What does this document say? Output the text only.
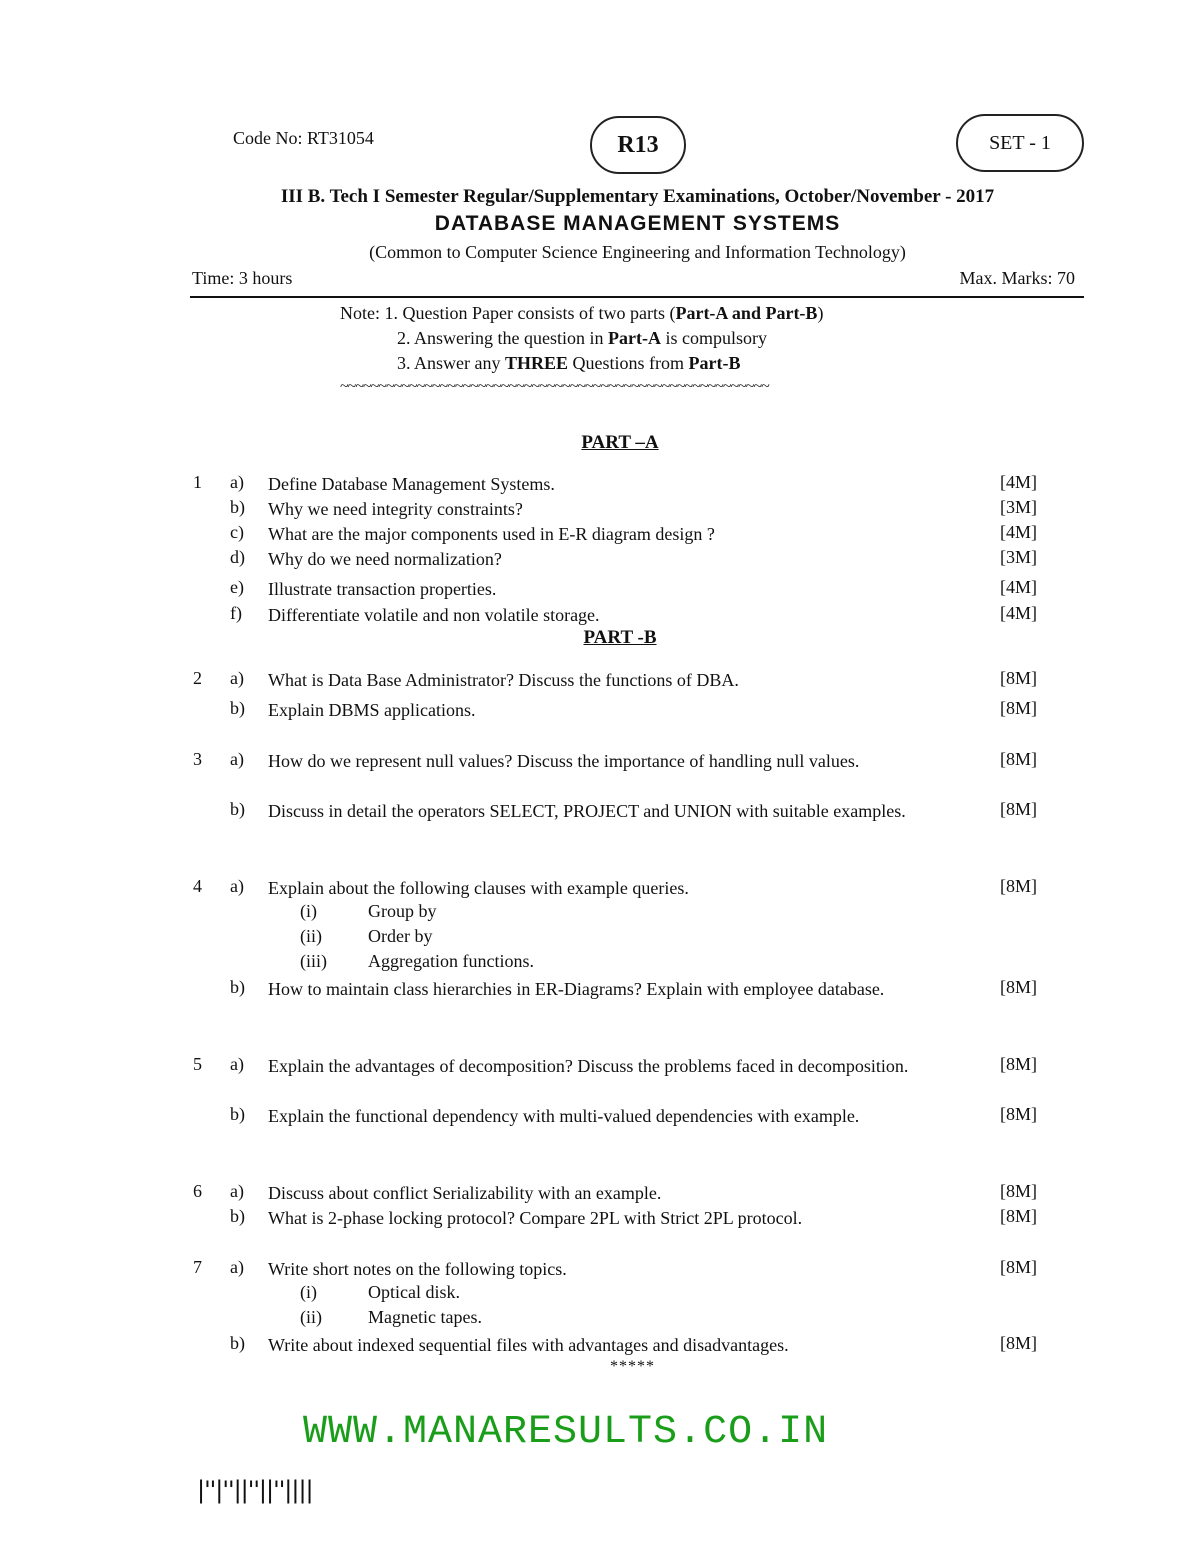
Code No: RT31054	R13	SET - 1
III B. Tech I Semester Regular/Supplementary Examinations, October/November - 2017
DATABASE MANAGEMENT SYSTEMS
(Common to Computer Science Engineering and Information Technology)
Time: 3 hours	Max. Marks: 70
Note: 1. Question Paper consists of two parts (Part-A and Part-B)
2. Answering the question in Part-A is compulsory
3. Answer any THREE Questions from Part-B
~~~~~~~~~~~~~~~~~~~~~~~~~~~~~~~~~~~~~~~~~~~~~~~~~~~~~~~~
PART –A
1 a) Define Database Management Systems.	[4M]
b) Why we need integrity constraints?	[3M]
c) What are the major components used in E-R diagram design ?	[4M]
d) Why do we need normalization?	[3M]
e) Illustrate transaction properties.	[4M]
f) Differentiate volatile and non volatile storage.	[4M]
PART -B
2 a) What is Data Base Administrator? Discuss the functions of DBA.	[8M]
b) Explain DBMS applications.	[8M]
3 a) How do we represent null values? Discuss the importance of handling null values.	[8M]
b) Discuss in detail the operators SELECT, PROJECT and UNION with suitable examples.	[8M]
4 a) Explain about the following clauses with example queries.	[8M]
(i)	Group by
(ii)	Order by
(iii) Aggregation functions.
b) How to maintain class hierarchies in ER-Diagrams? Explain with employee database.	[8M]
5 a) Explain the advantages of decomposition? Discuss the problems faced in decomposition.	[8M]
b) Explain the functional dependency with multi-valued dependencies with example.	[8M]
6 a) Discuss about conflict Serializability with an example.	[8M]
b) What is 2-phase locking protocol? Compare 2PL with Strict 2PL protocol.	[8M]
7 a) Write short notes on the following topics.	[8M]
(i)	Optical disk.
(ii)	Magnetic tapes.
b) Write about indexed sequential files with advantages and disadvantages.	[8M]
*****
WWW.MANARESULTS.CO.IN
|''|''||''||''||||
